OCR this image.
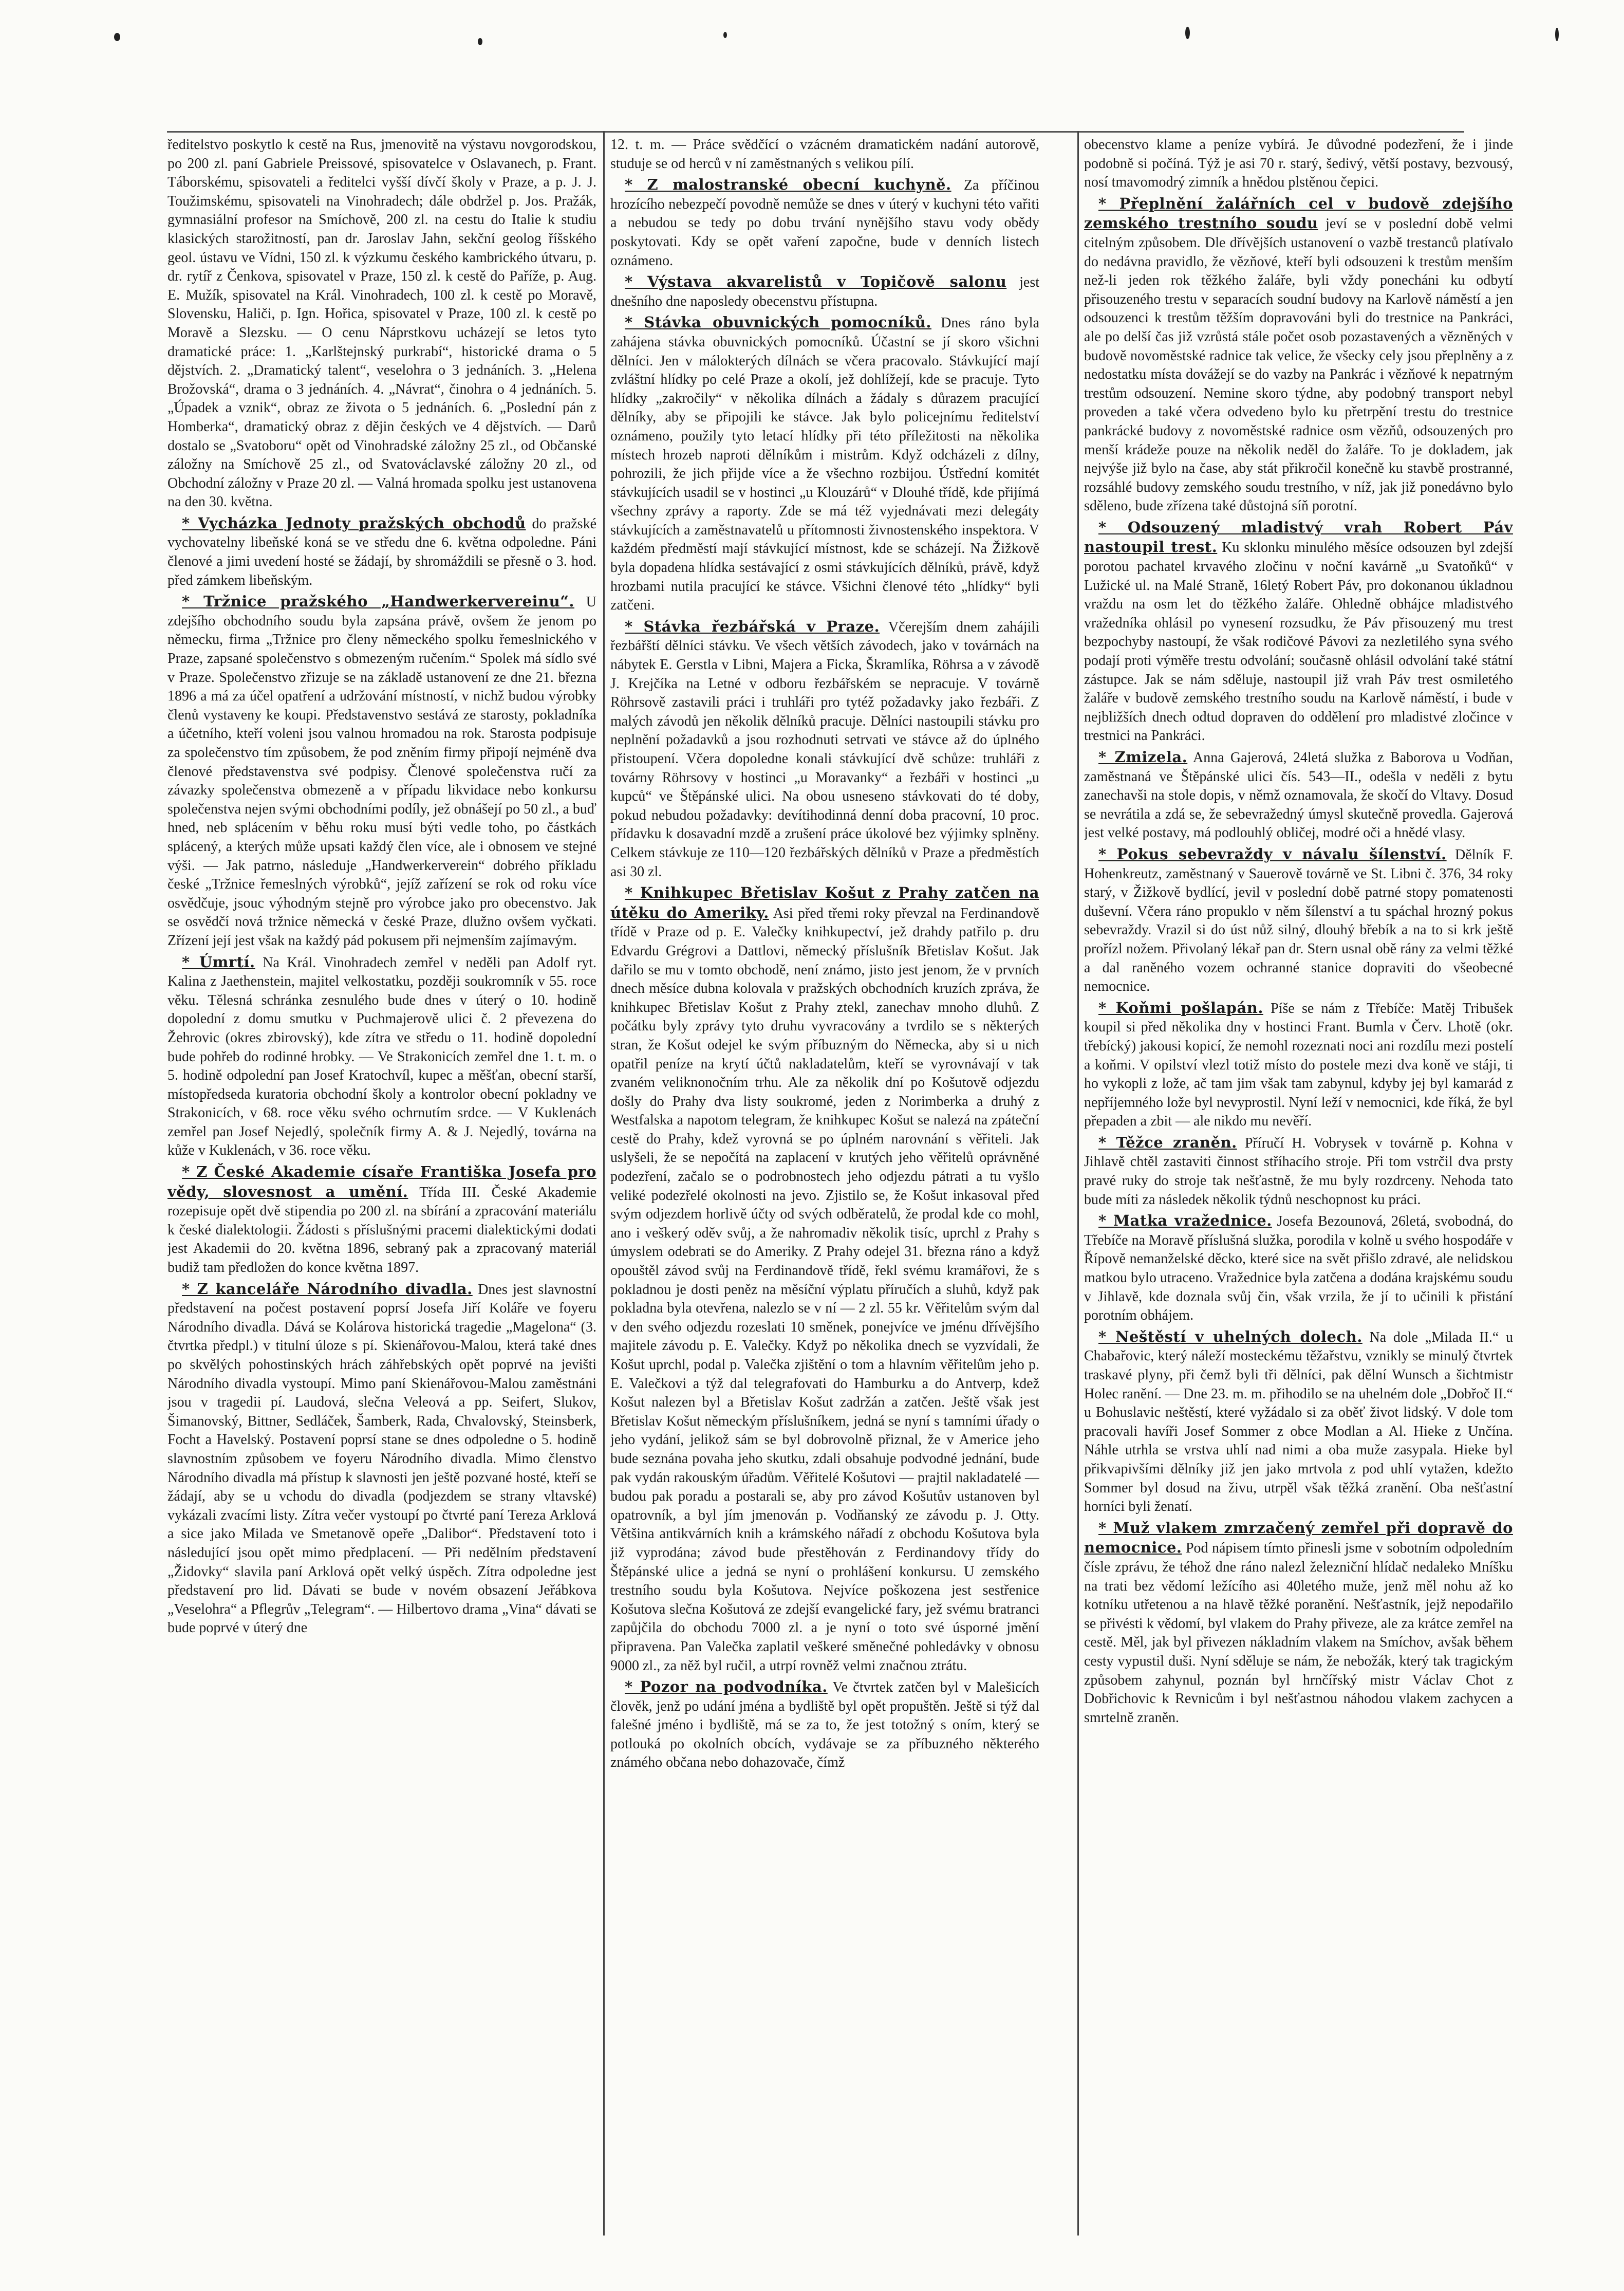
ředitelstvo poskytlo k cestě na Rus, jmenovitě na výstavu novgorodskou, po 200 zl. paní Gabriele Preissové, spisovatelce v Oslavanech, p. Frant. Táborskému, spisovateli a ředitelci vyšší dívčí školy v Praze, a p. J. J. Toužimskému, spisovateli na Vinohradech; dále obdržel p. Jos. Pražák, gymnasiální profesor na Smíchově, 200 zl. na cestu do Italie k studiu klasických starožitností, pan dr. Jaroslav Jahn, sekční geolog říšského geol. ústavu ve Vídni, 150 zl. k výzkumu českého kambrického útvaru, p. dr. rytíř z Čenkova, spisovatel v Praze, 150 zl. k cestě do Paříže, p. Aug. E. Mužík, spisovatel na Král. Vinohradech, 100 zl. k cestě po Moravě, Slovensku, Haliči, p. Ign. Hořica, spisovatel v Praze, 100 zl. k cestě po Moravě a Slezsku. — O cenu Náprstkovu ucházejí se letos tyto dramatické práce: 1. „Karlštejnský purkrabí“, historické drama o 5 dějstvích. 2. „Dramatický talent“, veselohra o 3 jednáních. 3. „Helena Brožovská“, drama o 3 jednáních. 4. „Návrat“, činohra o 4 jednáních. 5. „Úpadek a vznik“, obraz ze života o 5 jednáních. 6. „Poslední pán z Homberka“, dramatický obraz z dějin českých ve 4 dějstvích. — Darů dostalo se „Svatoboru“ opět od Vinohradské záložny 25 zl., od Občanské záložny na Smíchově 25 zl., od Svatováclavské záložny 20 zl., od Obchodní záložny v Praze 20 zl. — Valná hromada spolku jest ustanovena na den 30. května.

* Vycházka Jednoty pražských obchodů do pražské vychovatelny libeňské koná se ve středu dne 6. května odpoledne. Páni členové a jimi uvedení hosté se žádají, by shromáždili se přesně o 3. hod. před zámkem libeňským.

* Tržnice pražského „Handwerkervereinu“. U zdejšího obchodního soudu byla zapsána právě, ovšem že jenom po německu, firma „Tržnice pro členy německého spolku řemeslnického v Praze, zapsané společenstvo s obmezeným ručením.“ Spolek má sídlo své v Praze. Společenstvo zřizuje se na základě ustanovení ze dne 21. března 1896 a má za účel opatření a udržování místností, v nichž budou výrobky členů vystaveny ke koupi. Představenstvo sestává ze starosty, pokladníka a účetního, kteří voleni jsou valnou hromadou na rok. Starosta podpisuje za společenstvo tím způsobem, že pod zněním firmy připojí nejméně dva členové představenstva své podpisy. Členové společenstva ručí za závazky společenstva obmezeně a v případu likvidace nebo konkursu společenstva nejen svými obchodními podíly, jež obnášejí po 50 zl., a buď hned, neb splácením v běhu roku musí býti vedle toho, po částkách splácený, a kterých může upsati každý člen více, ale i obnosem ve stejné výši. — Jak patrno, následuje „Handwerkerverein“ dobrého příkladu české „Tržnice řemeslných výrobků“, jejíž zařízení se rok od roku více osvědčuje, jsouc výhodným stejně pro výrobce jako pro obecenstvo. Jak se osvědčí nová tržnice německá v české Praze, dlužno ovšem vyčkati. Zřízení její jest však na každý pád pokusem při nejmenším zajímavým.

* Úmrtí. Na Král. Vinohradech zemřel v neděli pan Adolf ryt. Kalina z Jaethenstein, majitel velkostatku, později soukromník v 55. roce věku. Tělesná schránka zesnulého bude dnes v úterý o 10. hodině dopolední z domu smutku v Puchmajerově ulici č. 2 převezena do Žehrovic (okres zbirovský), kde zítra ve středu o 11. hodině dopolední bude pohřeb do rodinné hrobky. — Ve Strakonicích zemřel dne 1. t. m. o 5. hodině odpolední pan Josef Kratochvíl, kupec a měšťan, obecní starší, místopředseda kuratoria obchodní školy a kontrolor obecní pokladny ve Strakonicích, v 68. roce věku svého ochrnutím srdce. — V Kuklenách zemřel pan Josef Nejedlý, společník firmy A. & J. Nejedlý, továrna na kůže v Kuklenách, v 36. roce věku.

* Z České Akademie císaře Františka Josefa pro vědy, slovesnost a umění. Třída III. České Akademie rozepisuje opět dvě stipendia po 200 zl. na sbírání a zpracování materiálu k české dialektologii. Žádosti s příslušnými pracemi dialektickými dodati jest Akademii do 20. května 1896, sebraný pak a zpracovaný materiál budiž tam předložen do konce května 1897.

* Z kanceláře Národního divadla. Dnes jest slavnostní představení na počest postavení poprsí Josefa Jiří Koláře ve foyeru Národního divadla. Dává se Kolárova historická tragedie „Magelona“ (3. čtvrtka předpl.) v titulní úloze s pí. Skienářovou-Malou, která také dnes po skvělých pohostinských hrách záhřebských opět poprvé na jevišti Národního divadla vystoupí. Mimo paní Skienářovou-Malou zaměstnáni jsou v tragedii pí. Laudová, slečna Veleová a pp. Seifert, Slukov, Šimanovský, Bittner, Sedláček, Šamberk, Rada, Chvalovský, Steinsberk, Focht a Havelský. Postavení poprsí stane se dnes odpoledne o 5. hodině slavnostním způsobem ve foyeru Národního divadla. Mimo členstvo Národního divadla má přístup k slavnosti jen ještě pozvané hosté, kteří se žádají, aby se u vchodu do divadla (podjezdem se strany vltavské) vykázali zvacími listy. Zítra večer vystoupí po čtvrté paní Tereza Arklová a sice jako Milada ve Smetanově opeře „Dalibor“. Představení toto i následující jsou opět mimo předplacení. — Při nedělním představení „Židovky“ slavila paní Arklová opět velký úspěch. Zítra odpoledne jest představení pro lid. Dávati se bude v novém obsazení Jeřábkova „Veselohra“ a Pflegrův „Telegram“. — Hilbertovo drama „Vina“ dávati se bude poprvé v úterý dne

12. t. m. — Práce svědčící o vzácném dramatickém nadání autorově, studuje se od herců v ní zaměstnaných s velikou pílí.

* Z malostranské obecní kuchyně. Za příčinou hrozícího nebezpečí povodně nemůže se dnes v úterý v kuchyni této vařiti a nebudou se tedy po dobu trvání nynějšího stavu vody obědy poskytovati. Kdy se opět vaření započne, bude v denních listech oznámeno.

* Výstava akvarelistů v Topičově salonu jest dnešního dne naposledy obecenstvu přístupna.

* Stávka obuvnických pomocníků. Dnes ráno byla zahájena stávka obuvnických pomocníků. Účastní se jí skoro všichni dělníci. Jen v málokterých dílnách se včera pracovalo. Stávkující mají zvláštní hlídky po celé Praze a okolí, jež dohlížejí, kde se pracuje. Tyto hlídky „zakročily“ v několika dílnách a žádaly s důrazem pracující dělníky, aby se připojili ke stávce. Jak bylo policejnímu ředitelství oznámeno, použily tyto letací hlídky při této příležitosti na několika místech hrozeb naproti dělníkům i mistrům. Když odcházeli z dílny, pohrozili, že jich přijde více a že všechno rozbijou. Ústřední komitét stávkujících usadil se v hostinci „u Klouzárů“ v Dlouhé třídě, kde přijímá všechny zprávy a raporty. Zde se má též vyjednávati mezi delegáty stávkujících a zaměstnavatelů u přítomnosti živnostenského inspektora. V každém předměstí mají stávkující místnost, kde se scházejí. Na Žižkově byla dopadena hlídka sestávající z osmi stávkujících dělníků, právě, když hrozbami nutila pracující ke stávce. Všichni členové této „hlídky“ byli zatčeni.

* Stávka řezbářská v Praze. Včerejším dnem zahájili řezbářští dělníci stávku. Ve všech větších závodech, jako v továrnách na nábytek E. Gerstla v Libni, Majera a Ficka, Škramlíka, Röhrsa a v závodě J. Krejčíka na Letné v odboru řezbářském se nepracuje. V továrně Röhrsově zastavili práci i truhláři pro tytéž požadavky jako řezbáři. Z malých závodů jen několik dělníků pracuje. Dělníci nastoupili stávku pro neplnění požadavků a jsou rozhodnuti setrvati ve stávce až do úplného přistoupení. Včera dopoledne konali stávkující dvě schůze: truhláři z továrny Röhrsovy v hostinci „u Moravanky“ a řezbáři v hostinci „u kupců“ ve Štěpánské ulici. Na obou usneseno stávkovati do té doby, pokud nebudou požadavky: devítihodinná denní doba pracovní, 10 proc. přídavku k dosavadní mzdě a zrušení práce úkolové bez výjimky splněny. Celkem stávkuje ze 110—120 řezbářských dělníků v Praze a předměstích asi 30 zl.

* Knihkupec Břetislav Košut z Prahy zatčen na útěku do Ameriky. Asi před třemi roky převzal na Ferdinandově třídě v Praze od p. E. Valečky knihkupectví, jež drahdy patřilo p. dru Edvardu Grégrovi a Dattlovi, německý příslušník Břetislav Košut. Jak dařilo se mu v tomto obchodě, není známo, jisto jest jenom, že v prvních dnech měsíce dubna kolovala v pražských obchodních kruzích zpráva, že knihkupec Břetislav Košut z Prahy ztekl, zanechav mnoho dluhů. Z počátku byly zprávy tyto druhu vyvracovány a tvrdilo se s některých stran, že Košut odejel ke svým příbuzným do Německa, aby si u nich opatřil peníze na krytí účtů nakladatelům, kteří se vyrovnávají v tak zvaném veliknonočním trhu. Ale za několik dní po Košutově odjezdu došly do Prahy dva listy soukromé, jeden z Norimberka a druhý z Westfalska a napotom telegram, že knihkupec Košut se nalezá na zpáteční cestě do Prahy, kdež vyrovná se po úplném narovnání s věřiteli. Jak uslyšeli, že se nepočítá na zaplacení v krutých jeho věřitelů oprávněné podezření, začalo se o podrobnostech jeho odjezdu pátrati a tu vyšlo veliké podezřelé okolnosti na jevo. Zjistilo se, že Košut inkasoval před svým odjezdem horlivě účty od svých odběratelů, že prodal kde co mohl, ano i veškerý oděv svůj, a že nahromadiv několik tisíc, uprchl z Prahy s úmyslem odebrati se do Ameriky. Z Prahy odejel 31. března ráno a když opouštěl závod svůj na Ferdinandově třídě, řekl svému kramářovi, že s pokladnou je dosti peněz na měsíční výplatu příručích a sluhů, když pak pokladna byla otevřena, nalezlo se v ní — 2 zl. 55 kr. Věřitelům svým dal v den svého odjezdu rozeslati 10 směnek, ponejvíce ve jménu dřívějšího majitele závodu p. E. Valečky. Když po několika dnech se vyzvídali, že Košut uprchl, podal p. Valečka zjištění o tom a hlavním věřitelům jeho p. E. Valečkovi a týž dal telegrafovati do Hamburku a do Antverp, kdež Košut nalezen byl a Břetislav Košut zadržán a zatčen. Ještě však jest Břetislav Košut německým příslušníkem, jedná se nyní s tamními úřady o jeho vydání, jelikož sám se byl dobrovolně přiznal, že v Americe jeho bude seznána povaha jeho skutku, zdali obsahuje podvodné jednání, bude pak vydán rakouským úřadům. Věřitelé Košutovi — prajtil nakladatelé — budou pak poradu a postarali se, aby pro závod Košutův ustanoven byl opatrovník, a byl jím jmenován p. Vodňanský ze závodu p. J. Otty. Většina antikvárních knih a krámského nářadí z obchodu Košutova byla již vyprodána; závod bude přestěhován z Ferdinandovy třídy do Štěpánské ulice a jedná se nyní o prohlášení konkursu. U zemského trestního soudu byla Košutova. Nejvíce poškozena jest sestřenice Košutova slečna Košutová ze zdejší evangelické fary, jež svému bratranci zapůjčila do obchodu 7000 zl. a je nyní o toto své úsporné jmění připravena. Pan Valečka zaplatil veškeré směnečné pohledávky v obnosu 9000 zl., za něž byl ručil, a utrpí rovněž velmi značnou ztrátu.

* Pozor na podvodníka. Ve čtvrtek zatčen byl v Malešicích člověk, jenž po udání jména a bydliště byl opět propuštěn. Ještě si týž dal falešné jméno i bydliště, má se za to, že jest totožný s oním, který se potlouká po okolních obcích, vydávaje se za příbuzného některého známého občana nebo dohazovače, čímž

obecenstvo klame a peníze vybírá. Je důvodné podezření, že i jinde podobně si počíná. Týž je asi 70 r. starý, šedivý, větší postavy, bezvousý, nosí tmavomodrý zimník a hnědou plstěnou čepici.

* Přeplnění žalářních cel v budově zdejšího zemského trestního soudu jeví se v poslední době velmi citelným způsobem. Dle dřívějších ustanovení o vazbě trestanců platívalo do nedávna pravidlo, že vězňové, kteří byli odsouzeni k trestům menším než-li jeden rok těžkého žaláře, byli vždy ponecháni ku odbytí přisouzeného trestu v separacích soudní budovy na Karlově náměstí a jen odsouzenci k trestům těžším dopravováni byli do trestnice na Pankráci, ale po delší čas již vzrůstá stále počet osob pozastavených a vězněných v budově novoměstské radnice tak velice, že všecky cely jsou přeplněny a z nedostatku místa dovážejí se do vazby na Pankrác i vězňové k nepatrným trestům odsouzení. Nemine skoro týdne, aby podobný transport nebyl proveden a také včera odvedeno bylo ku přetrpění trestu do trestnice pankrácké budovy z novoměstské radnice osm vězňů, odsouzených pro menší krádeže pouze na několik neděl do žaláře. To je dokladem, jak nejvýše již bylo na čase, aby stát přikročil konečně ku stavbě prostranné, rozsáhlé budovy zemského soudu trestního, v níž, jak již ponedávno bylo sděleno, bude zřízena také důstojná síň porotní.

* Odsouzený mladistvý vrah Robert Páv nastoupil trest. Ku sklonku minulého měsíce odsouzen byl zdejší porotou pachatel krvavého zločinu v noční kavárně „u Svatoňků“ v Lužické ul. na Malé Straně, 16letý Robert Páv, pro dokonanou úkladnou vraždu na osm let do těžkého žaláře. Ohledně obhájce mladistvého vražedníka ohlásil po vynesení rozsudku, že Páv přisouzený mu trest bezpochyby nastoupí, že však rodičové Pávovi za nezletilého syna svého podají proti výměře trestu odvolání; současně ohlásil odvolání také státní zástupce. Jak se nám sděluje, nastoupil již vrah Páv trest osmiletého žaláře v budově zemského trestního soudu na Karlově náměstí, i bude v nejbližších dnech odtud dopraven do oddělení pro mladistvé zločince v trestnici na Pankráci.

* Zmizela. Anna Gajerová, 24letá služka z Baborova u Vodňan, zaměstnaná ve Štěpánské ulici čís. 543—II., odešla v neděli z bytu zanechavši na stole dopis, v němž oznamovala, že skočí do Vltavy. Dosud se nevrátila a zdá se, že sebevražedný úmysl skutečně provedla. Gajerová jest velké postavy, má podlouhlý obličej, modré oči a hnědé vlasy.

* Pokus sebevraždy v návalu šílenství. Dělník F. Hohenkreutz, zaměstnaný v Sauerově továrně ve St. Libni č. 376, 34 roky starý, v Žižkově bydlící, jevil v poslední době patrné stopy pomatenosti duševní. Včera ráno propuklo v něm šílenství a tu spáchal hrozný pokus sebevraždy. Vrazil si do úst nůž silný, dlouhý břebík a na to si krk ještě prořízl nožem. Přivolaný lékař pan dr. Stern usnal obě rány za velmi těžké a dal raněného vozem ochranné stanice dopraviti do všeobecné nemocnice.

* Koňmi pošlapán. Píše se nám z Třebíče: Matěj Tribušek koupil si před několika dny v hostinci Frant. Bumla v Červ. Lhotě (okr. třebícký) jakousi kopicí, že nemohl rozeznati noci ani rozdílu mezi postelí a koňmi. V opilství vlezl totiž místo do postele mezi dva koně ve stáji, ti ho vykopli z lože, ač tam jim však tam zabynul, kdyby jej byl kamarád z nepříjemného lože byl nevyprostil. Nyní leží v nemocnici, kde říká, že byl přepaden a zbit — ale nikdo mu nevěří.

* Těžce zraněn. Příručí H. Vobrysek v továrně p. Kohna v Jihlavě chtěl zastaviti činnost stříhacího stroje. Při tom vstrčil dva prsty pravé ruky do stroje tak nešťastně, že mu byly rozdrceny. Nehoda tato bude míti za následek několik týdnů neschopnost ku práci.

* Matka vražednice. Josefa Bezounová, 26letá, svobodná, do Třebíče na Moravě příslušná služka, porodila v kolně u svého hospodáře v Řípově nemanželské děcko, které sice na svět přišlo zdravé, ale nelidskou matkou bylo utraceno. Vražednice byla zatčena a dodána krajskému soudu v Jihlavě, kde doznala svůj čin, však vrzila, že jí to učinili k přistání porotním obhájem.

* Neštěstí v uhelných dolech. Na dole „Milada II.“ u Chabařovic, který náleží mosteckému těžařstvu, vznikly se minulý čtvrtek traskavé plyny, při čemž byli tři dělníci, pak dělní Wunsch a šichtmistr Holec ranění. — Dne 23. m. m. přihodilo se na uhelném dole „Dobřoč II.“ u Bohuslavic neštěstí, které vyžádalo si za oběť život lidský. V dole tom pracovali havíři Josef Sommer z obce Modlan a Al. Hieke z Unčína. Náhle utrhla se vrstva uhlí nad nimi a oba muže zasypala. Hieke byl přikvapivšími dělníky již jen jako mrtvola z pod uhlí vytažen, kdežto Sommer byl dosud na živu, utrpěl však těžká zranění. Oba nešťastní horníci byli ženatí.

* Muž vlakem zmrzačený zemřel při dopravě do nemocnice. Pod nápisem tímto přinesli jsme v sobotním odpoledním čísle zprávu, že téhož dne ráno nalezl železniční hlídač nedaleko Mníšku na trati bez vědomí ležícího asi 40letého muže, jenž měl nohu až ko kotníku utřetenou a na hlavě těžké poranění. Nešťastník, jejž nepodařilo se přivésti k vědomí, byl vlakem do Prahy přiveze, ale za krátce zemřel na cestě. Měl, jak byl přivezen nákladním vlakem na Smíchov, avšak během cesty vypustil duši. Nyní sděluje se nám, že nebožák, který tak tragickým způsobem zahynul, poznán byl hrnčířský mistr Václav Chot z Dobřichovic k Revnicům i byl nešťastnou náhodou vlakem zachycen a smrtelně zraněn.
